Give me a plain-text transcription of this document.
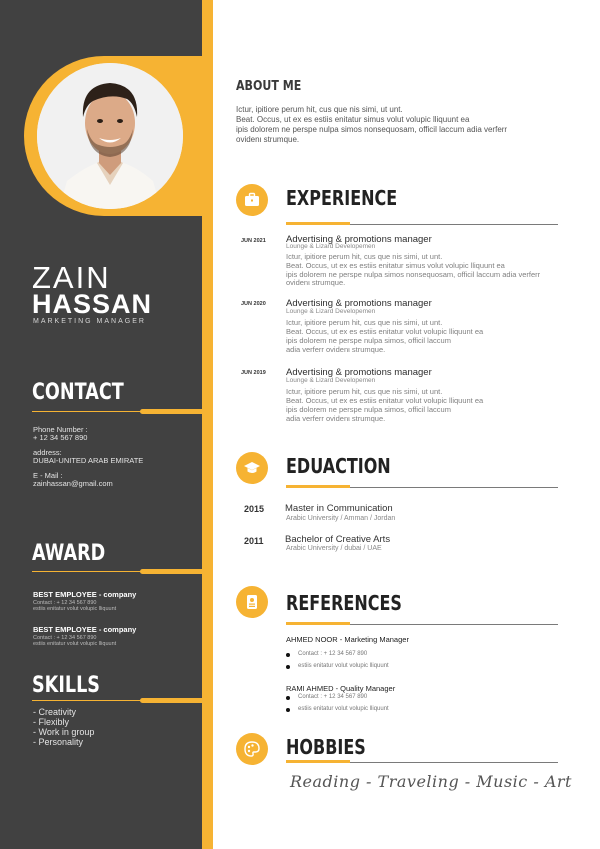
ZAIN
HASSAN
MARKETING MANAGER
CONTACT
Phone Number :
+ 12 34 567 890
address:
DUBAI-UNITED ARAB EMIRATE
E - Mail :
zainhassan@gmail.com
AWARD
BEST EMPLOYEE - company
Contact : + 12 34 567 890
estiis enitatur volut volupic lliquunt
BEST EMPLOYEE - company
Contact : + 12 34 567 890
estiis enitatur volut volupic lliquunt
SKILLS
- Creativity
- Flexibly
- Work in group
- Personality
ABOUT ME
Ictur, ipitiore perum hit, cus que nis simi, ut unt.
Beat. Occus, ut ex es estiis enitatur simus volut volupic lliquunt ea
ipis dolorem ne perspe nulpa simos nonsequosam, officil laccum adia verferr
ovidenι strumque.
EXPERIENCE
JUN 2021 Advertising & promotions manager
Lounge & Lizard Developemen
Ictur, ipitiore perum hit, cus que nis simi, ut unt.
Beat. Occus, ut ex es estiis enitatur simus volut volupic lliquunt ea
ipis dolorem ne perspe nulpa simos nonsequosam, officil laccum adia verferr
ovidenι strumque.
JUN 2020 Advertising & promotions manager
Lounge & Lizard Developemen
Ictur, ipitiore perum hit, cus que nis simi, ut unt.
Beat. Occus, ut ex es estiis enitatur volut volupic lliquunt ea
ipis dolorem ne perspe nulpa simos, officil laccum
adia verferr ovidenι strumque.
JUN 2019 Advertising & promotions manager
Lounge & Lizard Developemen
Ictur, ipitiore perum hit, cus que nis simi, ut unt.
Beat. Occus, ut ex es estiis enitatur volut volupic lliquunt ea
ipis dolorem ne perspe nulpa simos, officil laccum
adia verferr ovidenι strumque.
EDUACTION
2015 Master in Communication
Arabic University / Amman / Jordan
2011 Bachelor of Creative Arts
Arabic University / dubai / UAE
REFERENCES
AHMED NOOR - Marketing Manager
Contact : + 12 34 567 890
estiis enitatur volut volupic lliquunt
RAMI AHMED - Quality Manager
Contact : + 12 34 567 890
estiis enitatur volut volupic lliquunt
HOBBIES
Reading - Traveling - Music - Art
